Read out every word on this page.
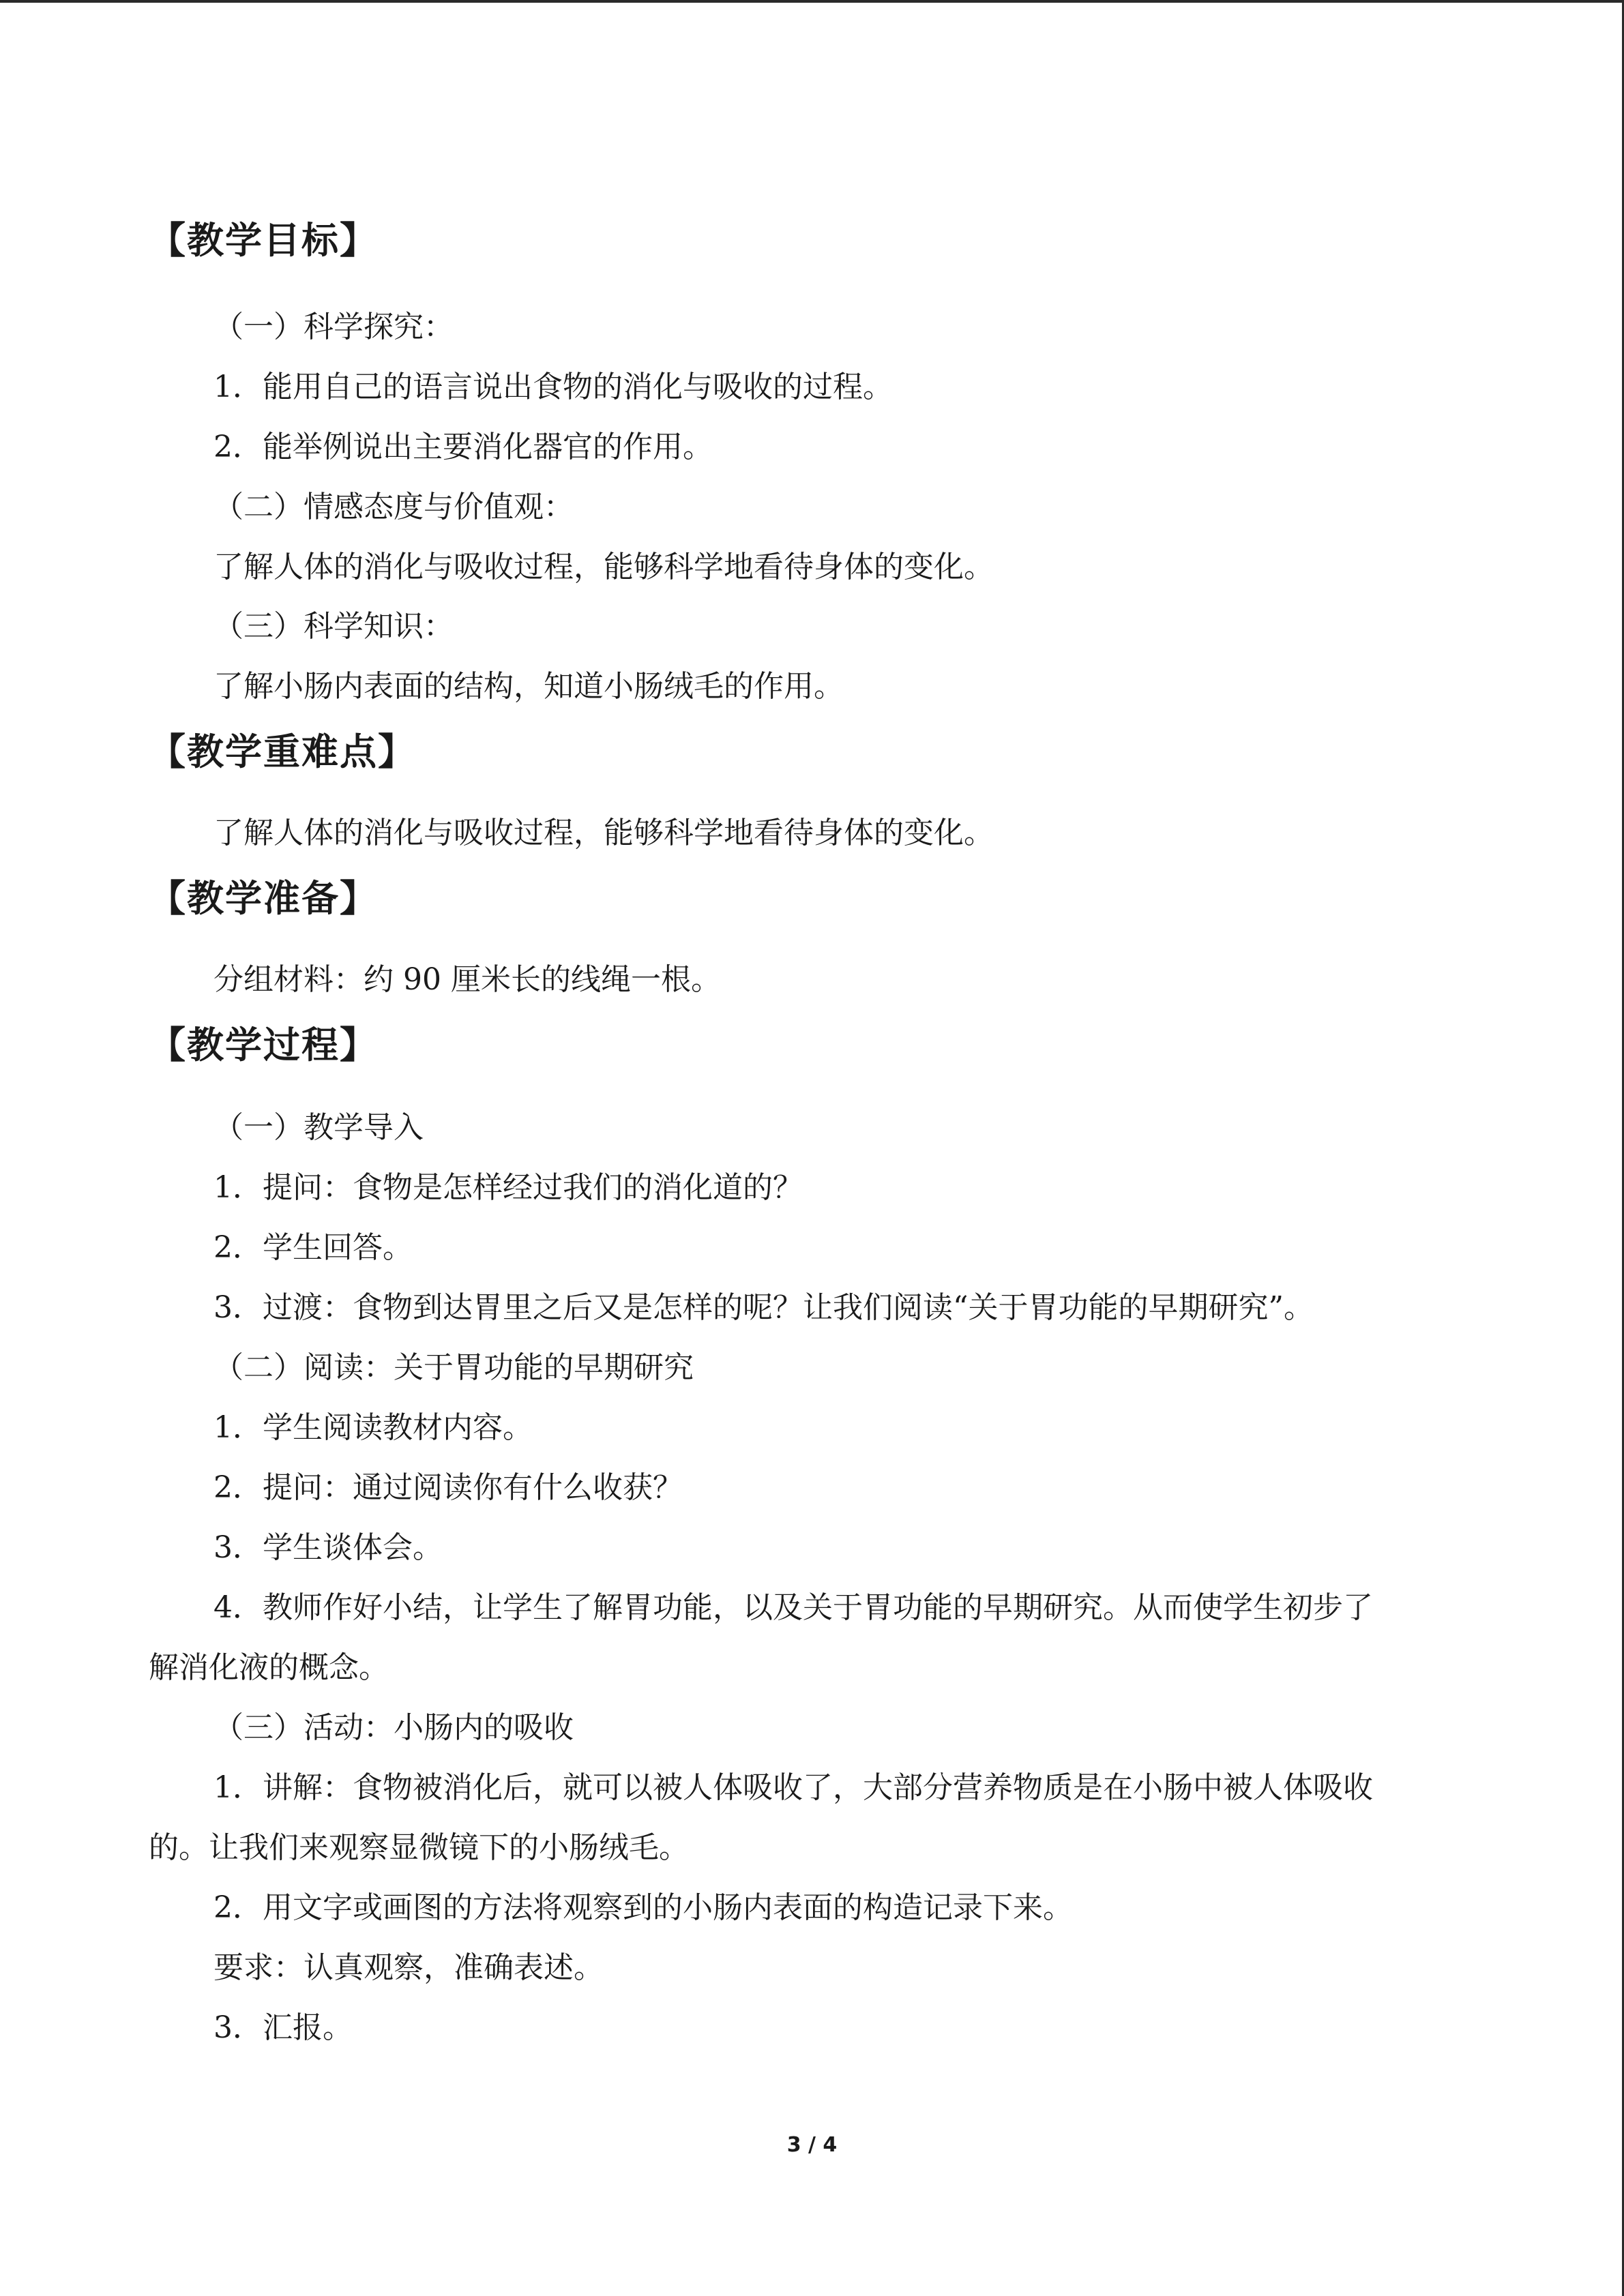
【教学目标】
（一）科学探究：
1．能用自己的语言说出食物的消化与吸收的过程。
2．能举例说出主要消化器官的作用。
（二）情感态度与价值观：
了解人体的消化与吸收过程，能够科学地看待身体的变化。
（三）科学知识：
了解小肠内表面的结构，知道小肠绒毛的作用。
【教学重难点】
了解人体的消化与吸收过程，能够科学地看待身体的变化。
【教学准备】
分组材料：约 90 厘米长的线绳一根。
【教学过程】
（一）教学导入
1．提问：食物是怎样经过我们的消化道的？
2．学生回答。
3．过渡：食物到达胃里之后又是怎样的呢？让我们阅读“关于胃功能的早期研究”。
（二）阅读：关于胃功能的早期研究
1．学生阅读教材内容。
2．提问：通过阅读你有什么收获？
3．学生谈体会。
4．教师作好小结，让学生了解胃功能，以及关于胃功能的早期研究。从而使学生初步了
解消化液的概念。
（三）活动：小肠内的吸收
1．讲解：食物被消化后，就可以被人体吸收了，大部分营养物质是在小肠中被人体吸收
的。让我们来观察显微镜下的小肠绒毛。
2．用文字或画图的方法将观察到的小肠内表面的构造记录下来。
要求：认真观察，准确表述。
3．汇报。
3 / 4
